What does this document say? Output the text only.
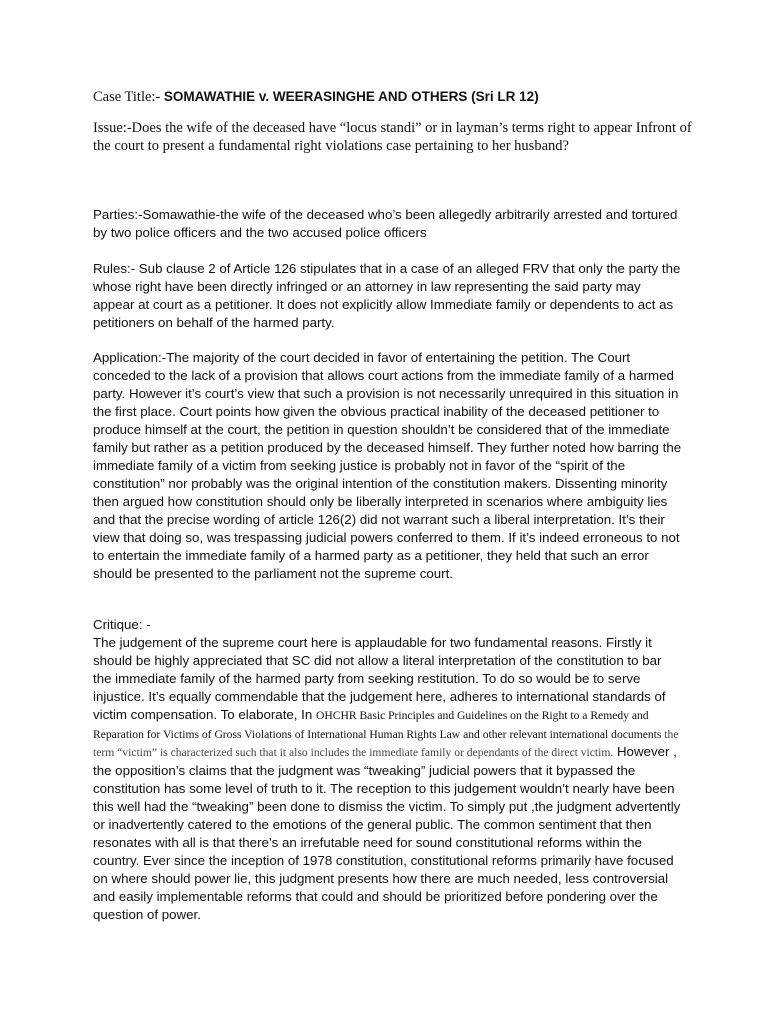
Case Title:- SOMAWATHIE v. WEERASINGHE AND OTHERS (Sri LR 12)

Issue:-Does the wife of the deceased have “locus standi” or in layman’s terms right to appear Infront of the court to present a fundamental right violations case pertaining to her husband?

Parties:-Somawathie-the wife of the deceased who’s been allegedly arbitrarily arrested and tortured by two police officers and the two accused police officers

Rules:- Sub clause 2 of Article 126 stipulates that in a case of an alleged FRV that only the party the whose right have been directly infringed or an attorney in law representing the said party may appear at court as a petitioner. It does not explicitly allow Immediate family or dependents to act as petitioners on behalf of the harmed party.

Application:-The majority of the court decided in favor of entertaining the petition. The Court conceded to the lack of a provision that allows court actions from the immediate family of a harmed party. However it’s court’s view that such a provision is not necessarily unrequired in this situation in the first place. Court points how given the obvious practical inability of the deceased petitioner to produce himself at the court, the petition in question shouldn’t be considered that of the immediate family but rather as a petition produced by the deceased himself. They further noted how barring the immediate family of a victim from seeking justice is probably not in favor of the “spirit of the constitution” nor probably was the original intention of the constitution makers. Dissenting minority then argued how constitution should only be liberally interpreted in scenarios where ambiguity lies and that the precise wording of article 126(2) did not warrant such a liberal interpretation. It’s their view that doing so, was trespassing judicial powers conferred to them. If it’s indeed erroneous to not to entertain the immediate family of a harmed party as a petitioner, they held that such an error should be presented to the parliament not the supreme court.

Critique: -

The judgement of the supreme court here is applaudable for two fundamental reasons. Firstly it should be highly appreciated that SC did not allow a literal interpretation of the constitution to bar the immediate family of the harmed party from seeking restitution. To do so would be to serve injustice. It’s equally commendable that the judgement here, adheres to international standards of victim compensation. To elaborate, In OHCHR Basic Principles and Guidelines on the Right to a Remedy and Reparation for Victims of Gross Violations of International Human Rights Law and other relevant international documents the term “victim” is characterized such that it also includes the immediate family or dependants of the direct victim. However , the opposition’s claims that the judgment was “tweaking” judicial powers that it bypassed the constitution has some level of truth to it. The reception to this judgement wouldn’t nearly have been this well had the “tweaking” been done to dismiss the victim. To simply put ,the judgment advertently or inadvertently catered to the emotions of the general public. The common sentiment that then resonates with all is that there’s an irrefutable need for sound constitutional reforms within the country. Ever since the inception of 1978 constitution, constitutional reforms primarily have focused on where should power lie, this judgment presents how there are much needed, less controversial and easily implementable reforms that could and should be prioritized before pondering over the question of power.
